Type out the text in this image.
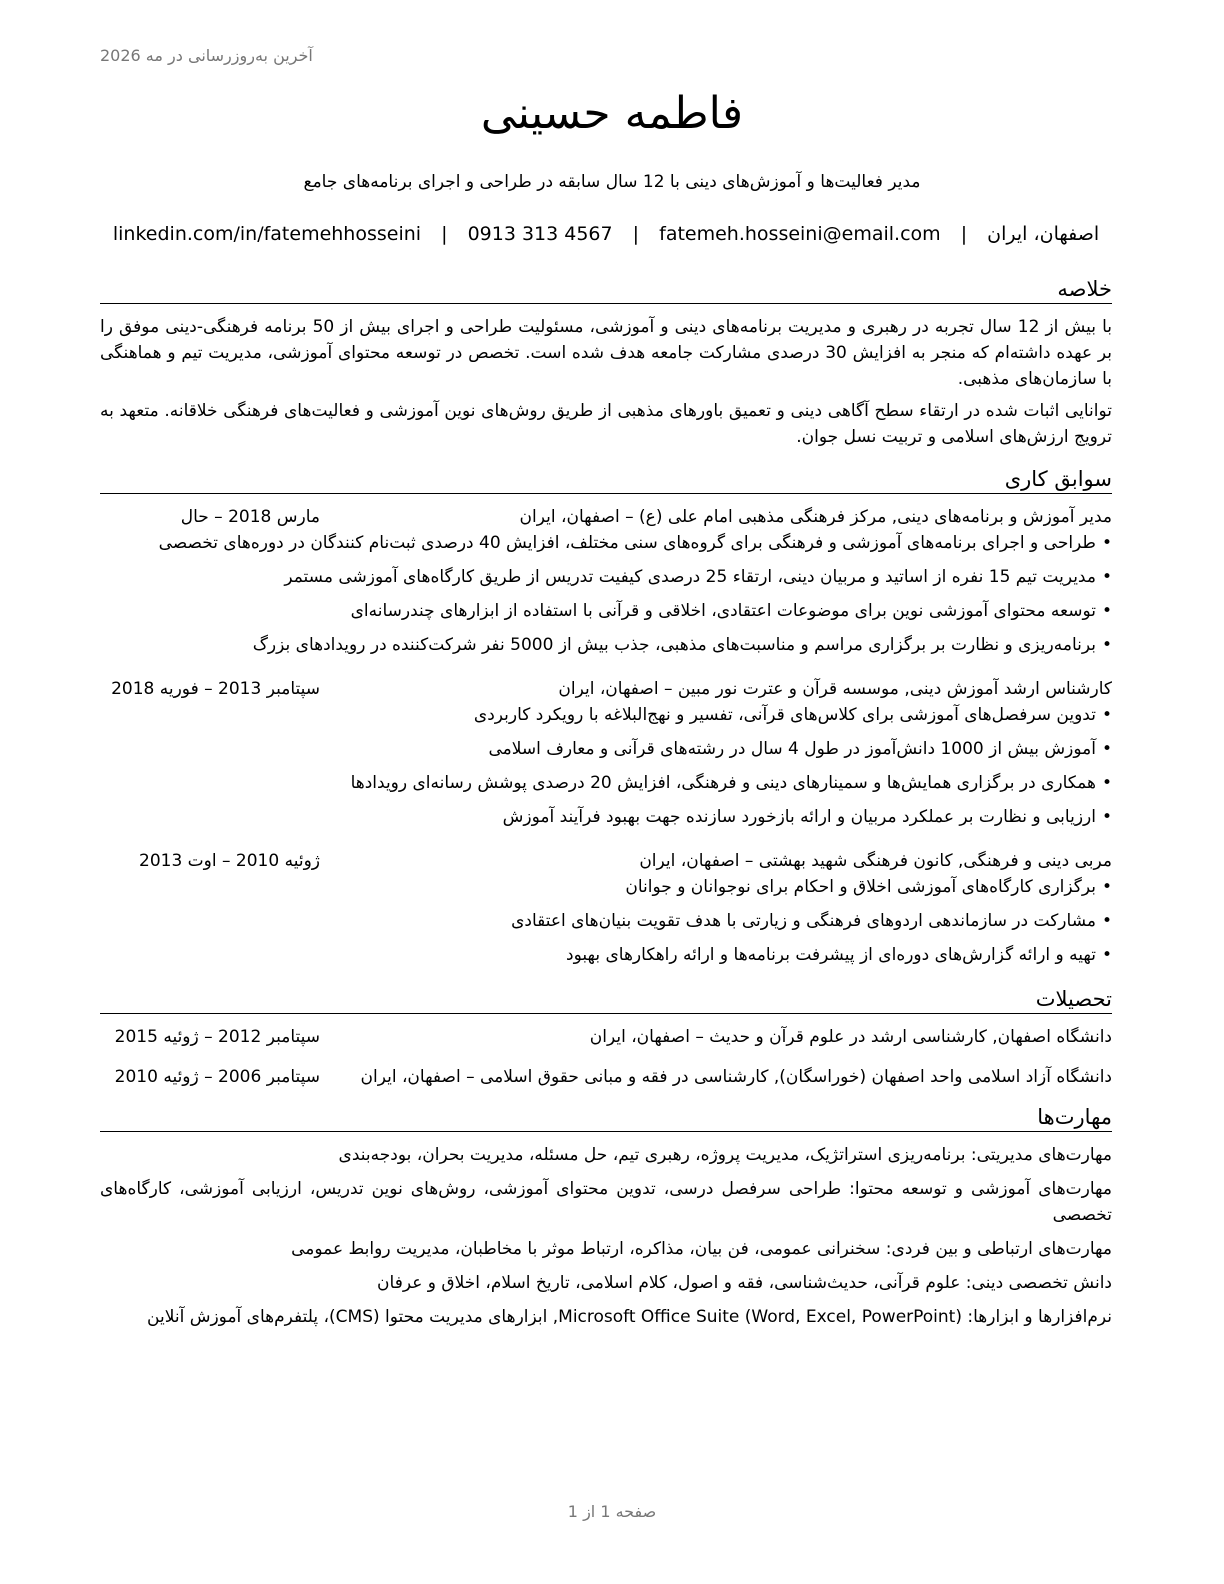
آخرین به‌روزرسانی در مه 2026
فاطمه حسینی
مدیر فعالیت‌ها و آموزش‌های دینی با 12 سال سابقه در طراحی و اجرای برنامه‌های جامع
اصفهان، ایران | fatemeh.hosseini@email.com | 0913 313 4567 | linkedin.com/in/fatemehhosseini
خلاصه

با بیش از 12 سال تجربه در رهبری و مدیریت برنامه‌های دینی و آموزشی، مسئولیت طراحی و اجرای بیش از 50 برنامه فرهنگی-دینی موفق را بر عهده داشته‌ام که منجر به افزایش 30 درصدی مشارکت جامعه هدف شده است. تخصص در توسعه محتوای آموزشی، مدیریت تیم و هماهنگی با سازمان‌های مذهبی.

توانایی اثبات شده در ارتقاء سطح آگاهی دینی و تعمیق باورهای مذهبی از طریق روش‌های نوین آموزشی و فعالیت‌های فرهنگی خلاقانه. متعهد به ترویج ارزش‌های اسلامی و تربیت نسل جوان.

سوابق کاری
مدیر آموزش و برنامه‌های دینی, مرکز فرهنگی مذهبی امام علی (ع) – اصفهان، ایران
مارس 2018 – حال
•طراحی و اجرای برنامه‌های آموزشی و فرهنگی برای گروه‌های سنی مختلف، افزایش 40 درصدی ثبت‌نام کنندگان در دوره‌های تخصصی
•مدیریت تیم 15 نفره از اساتید و مربیان دینی، ارتقاء 25 درصدی کیفیت تدریس از طریق کارگاه‌های آموزشی مستمر
•توسعه محتوای آموزشی نوین برای موضوعات اعتقادی، اخلاقی و قرآنی با استفاده از ابزارهای چندرسانه‌ای
•برنامه‌ریزی و نظارت بر برگزاری مراسم و مناسبت‌های مذهبی، جذب بیش از 5000 نفر شرکت‌کننده در رویدادهای بزرگ
کارشناس ارشد آموزش دینی, موسسه قرآن و عترت نور مبین – اصفهان، ایران
سپتامبر 2013 – فوریه 2018
•تدوین سرفصل‌های آموزشی برای کلاس‌های قرآنی، تفسیر و نهج‌البلاغه با رویکرد کاربردی
•آموزش بیش از 1000 دانش‌آموز در طول 4 سال در رشته‌های قرآنی و معارف اسلامی
•همکاری در برگزاری همایش‌ها و سمینارهای دینی و فرهنگی، افزایش 20 درصدی پوشش رسانه‌ای رویدادها
•ارزیابی و نظارت بر عملکرد مربیان و ارائه بازخورد سازنده جهت بهبود فرآیند آموزش
مربی دینی و فرهنگی, کانون فرهنگی شهید بهشتی – اصفهان، ایران
ژوئیه 2010 – اوت 2013
•برگزاری کارگاه‌های آموزشی اخلاق و احکام برای نوجوانان و جوانان
•مشارکت در سازماندهی اردوهای فرهنگی و زیارتی با هدف تقویت بنیان‌های اعتقادی
•تهیه و ارائه گزارش‌های دوره‌ای از پیشرفت برنامه‌ها و ارائه راهکارهای بهبود
تحصیلات
دانشگاه اصفهان, کارشناسی ارشد در علوم قرآن و حدیث – اصفهان، ایران
سپتامبر 2012 – ژوئیه 2015
دانشگاه آزاد اسلامی واحد اصفهان (خوراسگان), کارشناسی در فقه و مبانی حقوق اسلامی – اصفهان، ایران
سپتامبر 2006 – ژوئیه 2010
مهارت‌ها

مهارت‌های مدیریتی: برنامه‌ریزی استراتژیک، مدیریت پروژه، رهبری تیم، حل مسئله، مدیریت بحران، بودجه‌بندی

مهارت‌های آموزشی و توسعه محتوا: طراحی سرفصل درسی، تدوین محتوای آموزشی، روش‌های نوین تدریس، ارزیابی آموزشی، کارگاه‌های تخصصی

مهارت‌های ارتباطی و بین فردی: سخنرانی عمومی، فن بیان، مذاکره، ارتباط موثر با مخاطبان، مدیریت روابط عمومی

دانش تخصصی دینی: علوم قرآنی، حدیث‌شناسی، فقه و اصول، کلام اسلامی، تاریخ اسلام، اخلاق و عرفان

نرم‌افزارها و ابزارها: Microsoft Office Suite (Word, Excel, PowerPoint), ابزارهای مدیریت محتوا (CMS)، پلتفرم‌های آموزش آنلاین

صفحه 1 از 1
